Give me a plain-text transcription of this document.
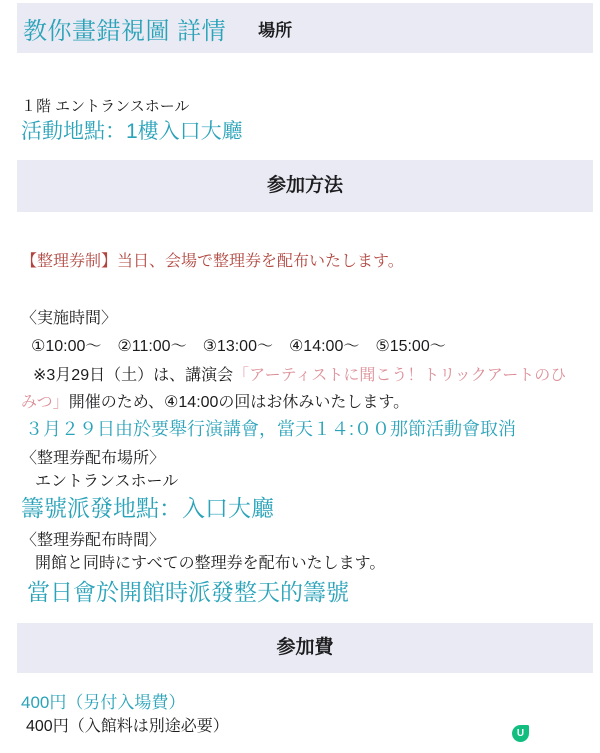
教你畫錯視圖 詳情 場所
１階 エントランスホール
活動地點：1樓入口大廳
参加方法
【整理券制】当日、会場で整理券を配布いたします。
〈実施時間〉
①10:00〜　②11:00〜　③13:00〜　④14:00〜　⑤15:00〜
※3月29日（土）は、講演会「アーティストに聞こう！トリックアートのひみつ」開催のため、④14:00の回はお休みいたします。
３月２９日由於要舉行演講會，當天１４:００那節活動會取消
〈整理券配布場所〉
エントランスホール
籌號派發地點：入口大廳
〈整理券配布時間〉
開館と同時にすべての整理券を配布いたします。
當日會於開館時派發整天的籌號
参加費
400円（另付入場費）
400円（入館料は別途必要）	U
